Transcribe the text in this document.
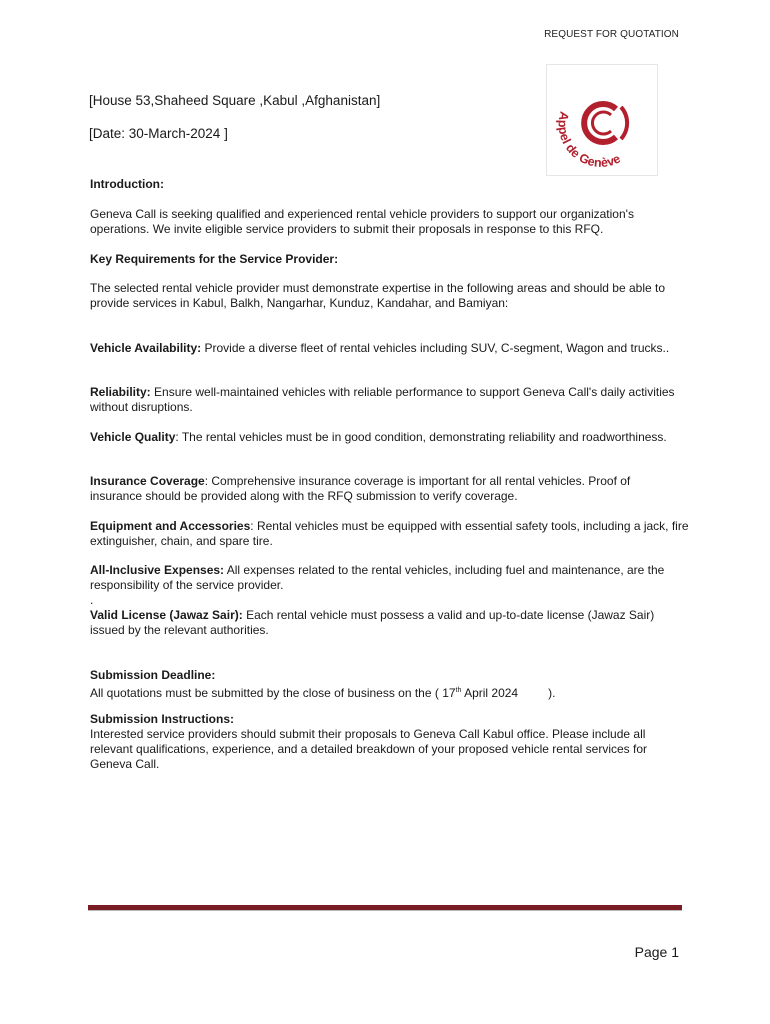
REQUEST FOR QUOTATION
Appel de Genève
[House 53,Shaheed Square ,Kabul ,Afghanistan]
[Date: 30-March-2024 ]
Introduction:
Geneva Call is seeking qualified and experienced rental vehicle providers to support our organization's operations. We invite eligible service providers to submit their proposals in response to this RFQ.
Key Requirements for the Service Provider:
The selected rental vehicle provider must demonstrate expertise in the following areas and should be able to provide services in Kabul, Balkh, Nangarhar, Kunduz, Kandahar, and Bamiyan:
Vehicle Availability: Provide a diverse fleet of rental vehicles including SUV, C-segment, Wagon and trucks..
Reliability: Ensure well-maintained vehicles with reliable performance to support Geneva Call's daily activities without disruptions.
Vehicle Quality: The rental vehicles must be in good condition, demonstrating reliability and roadworthiness.
Insurance Coverage: Comprehensive insurance coverage is important for all rental vehicles. Proof of insurance should be provided along with the RFQ submission to verify coverage.
Equipment and Accessories: Rental vehicles must be equipped with essential safety tools, including a jack, fire extinguisher, chain, and spare tire.
All-Inclusive Expenses: All expenses related to the rental vehicles, including fuel and maintenance, are the responsibility of the service provider.
.
Valid License (Jawaz Sair): Each rental vehicle must possess a valid and up-to-date license (Jawaz Sair) issued by the relevant authorities.
Submission Deadline:
All quotations must be submitted by the close of business on the ( 17th April 2024	).
Submission Instructions:
Interested service providers should submit their proposals to Geneva Call Kabul office. Please include all relevant qualifications, experience, and a detailed breakdown of your proposed vehicle rental services for Geneva Call.
Page 1
